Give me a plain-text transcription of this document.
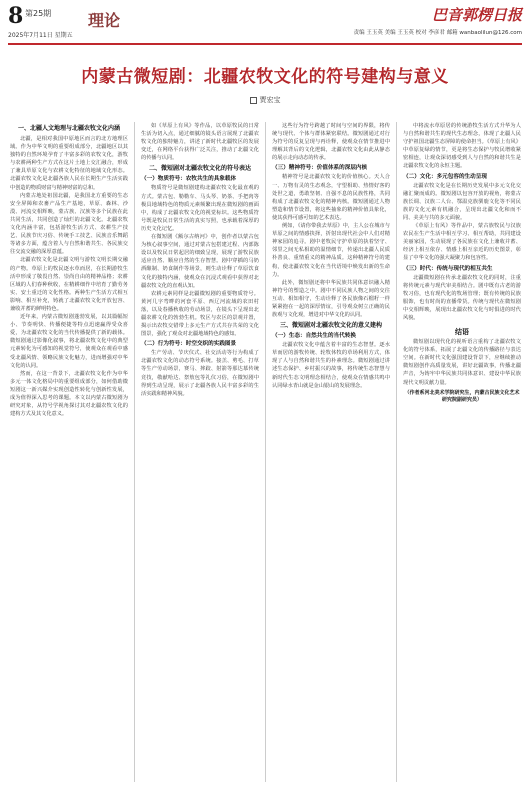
8 第25期
2025年7月11日 星期五
理论	巴音郭楞日报
责编 王玉英 美编 王玉英 校对 李彦君 邮箱 wanbaolilun@126.com
内蒙古微短剧：北疆农牧文化的符号建构与意义
贾宏宝
一、北疆人文地理与北疆农牧文化内涵

北疆，是相对我国中原地区而言的北方地理区域。作为中华文明的重要组成部分，北疆地区以其独特的自然环境孕育了丰富多彩的农牧文化，游牧与农耕两种生产方式在这片土地上交汇融合，形成了兼具草原文化与农耕文化特征的地域文化形态。北疆农牧文化是北疆各族人民在长期生产生活实践中创造的物质财富与精神财富的总和。

内蒙古地处祖国北疆，是我国北方重要的生态安全屏障和农畜产品生产基地，草原、森林、沙漠、河流交相辉映，蒙古族、汉族等多个民族在此共同生活，共同创造了灿烂的北疆文化。北疆农牧文化内涵丰富，包括游牧生活方式、农耕生产技艺、民族节庆习俗、传统手工技艺、民族音乐舞蹈等诸多方面，蕴含着人与自然和谐共生、各民族交往交流交融的深厚意蕴。

北疆农牧文化是北疆文明与游牧文明长期交融的产物。草原上的牧民逐水草而居，在长期游牧生活中形成了敬畏自然、崇尚自由的精神品格；农耕区域的人们春种秋收，在精耕细作中培育了勤劳务实、安土重迁的文化性格。两种生产生活方式相互影响、相互补充，铸就了北疆农牧文化开放包容、兼收并蓄的鲜明特色。

近年来，内蒙古微短剧蓬勃发展，以其篇幅短小、节奏明快、传播便捷等特点迅速赢得受众喜爱，为北疆农牧文化的当代传播提供了新的载体。微短剧通过影像化叙事，将北疆农牧文化中的典型元素转化为可感知的视觉符号，使观众在观看中感受北疆风情、领略民族文化魅力，进而增强对中华文化的认同。

然而，在这一背景下，北疆农牧文化作为中华多元一体文化格局中的重要组成部分，如何借助微短剧这一新兴媒介实现创造性转化与创新性发展，成为值得深入思考的课题。本文以内蒙古微短剧为研究对象，从符号学视角探讨其对北疆农牧文化的建构方式及其文化意义。

如《草原上有风》等作品，以草原牧民的日常生活为切入点，通过细腻的镜头语言展现了北疆农牧文化的独特魅力，讲述了新时代北疆牧区的发展变迁，在网络平台获得广泛关注，推动了北疆文化的传播与认同。

二、微短剧对北疆农牧文化的符号表达
（一）物质符号：农牧共生的具象载体

物质符号是微短剧建构北疆农牧文化最直观的方式。蒙古包、勒勒车、马头琴、奶茶、手把肉等极具地域特色的物质元素频繁出现在微短剧的画面中，构成了北疆农牧文化的视觉标识。这些物质符号既是牧民日常生活的真实写照，也承载着深厚的历史文化记忆。

在微短剧《额尔古纳河》中，创作者以蒙古包为核心叙事空间，通过对蒙古包搭建过程、内部陈设以及牧民日常起居的细致呈现，展现了游牧民族适应自然、顺应自然的生存智慧。剧中穿插的马奶酒酿制、奶食制作等场景，则生动诠释了草原饮食文化的独特内涵，使观众在沉浸式观看中获得对北疆农牧文化的直观认知。

农耕元素同样是北疆微短剧的重要物质符号。黄河几字弯畔的河套平原、西辽河流域的农田村落，以及春播秋收的劳动场景，在镜头下呈现出北疆农耕文化的勃勃生机。牧区与农区的景观并置，揭示出农牧交错带上多元生产方式共存共荣的文化图景，强化了观众对北疆地域特色的感知。

（二）行为符号：时空交织的实践图景

生产劳动、节庆仪式、社交活动等行为构成了北疆农牧文化的动态符号系统。接羔、剪毛、打草等生产劳动场景，赛马、摔跤、射箭等那达慕传统竞技，敬献哈达、祭敖包等礼仪习俗，在微短剧中得到生动呈现，展示了北疆各族人民丰富多彩的生活实践和精神风貌。

这些行为符号跨越了时间与空间的界限，将传统与现代、个体与群体紧密联结。微短剧通过对行为符号的反复呈现与再诠释，使观众在情节推进中理解其背后的文化逻辑，北疆农牧文化由此从静态的展示走向动态的传承。

（三）精神符号：价值体系的深层内核

精神符号是北疆农牧文化的价值核心。天人合一、万物有灵的生态观念，守望相助、热情好客的处世之道，勇敢坚韧、自强不息的民族性格，共同构成了北疆农牧文化的精神内核。微短剧通过人物塑造和情节设置，将这些抽象的精神价值具象化，使其获得可感可知的艺术表达。

例如，《请你带我去草原》中，主人公在城市与草原之间的情感抉择，折射出现代社会中人们对精神家园的追寻。剧中老牧民守护草原的执着坚守、邻里之间无私相助的温情细节，传递出北疆人民质朴善良、重情重义的精神品质。这种精神符号的建构，使北疆农牧文化在当代语境中焕发出新的生命力。

此外，微短剧还将中华民族共同体意识融入精神符号的塑造之中。剧中不同民族人物之间的交往互动、相知相守，生动诠释了各民族像石榴籽一样紧紧抱在一起的深厚情谊，引导观众树立正确的民族观与文化观，增进对中华文化的认同。

三、微短剧对北疆农牧文化的意义建构
（一）生态：自然共生的当代转换

北疆农牧文化中蕴含着丰富的生态智慧。逐水草而居的游牧传统、轮牧休牧的草场利用方式，体现了人与自然和谐共生的朴素理念。微短剧通过讲述生态保护、乡村振兴的故事，将传统生态智慧与新时代生态文明理念相结合，使观众在情感共鸣中认同绿水青山就是金山银山的发展理念。

中将流水草原居的传统游牧生活方式升华为人与自然和谐共生的现代生态理念，体现了北疆人民守护祖国北疆生态屏障的使命担当。《草原上有风》中草原复绿的情节，更是将生态保护与牧民增收紧密相连，让观众深切感受到人与自然的和谐共生是北疆农牧文化的永恒主题。

（二）文化：多元包容的生动呈现

北疆农牧文化是在长期历史发展中多元文化交融汇聚而成的。微短剧以包容开放的视角，将蒙古族长调、汉族二人台、鄂温克族驯鹿文化等不同民族的文化元素有机融合，呈现出北疆文化和而不同、美美与共的多元面貌。

《草原上有风》等作品中，蒙古族牧民与汉族农民在生产生活中相互学习、相互帮助，共同建设美丽家园，生动展现了各民族在文化上兼收并蓄、经济上相互依存、情感上相互亲近的历史图景，彰显了中华文化的强大凝聚力和包容性。

（三）时代：传统与现代的相互共生

北疆微短剧在传承北疆农牧文化的同时，注重将传统元素与现代审美相结合。剧中既有古老的游牧习俗，也有现代化的牧场管理；既有传统的民族服饰，也有时尚的直播带货。传统与现代在微短剧中交相辉映，展现出北疆农牧文化与时俱进的时代风貌。

结语

微短剧以现代化的视听语言重构了北疆农牧文化的符号体系，拓展了北疆文化的传播路径与表达空间。在新时代文化强国建设背景下，应继续推动微短剧创作高质量发展，讲好北疆故事，传播北疆声音，为铸牢中华民族共同体意识、建设中华民族现代文明贡献力量。

（作者系河北美术学院研究生，内蒙古民族文化艺术研究院副研究员）
